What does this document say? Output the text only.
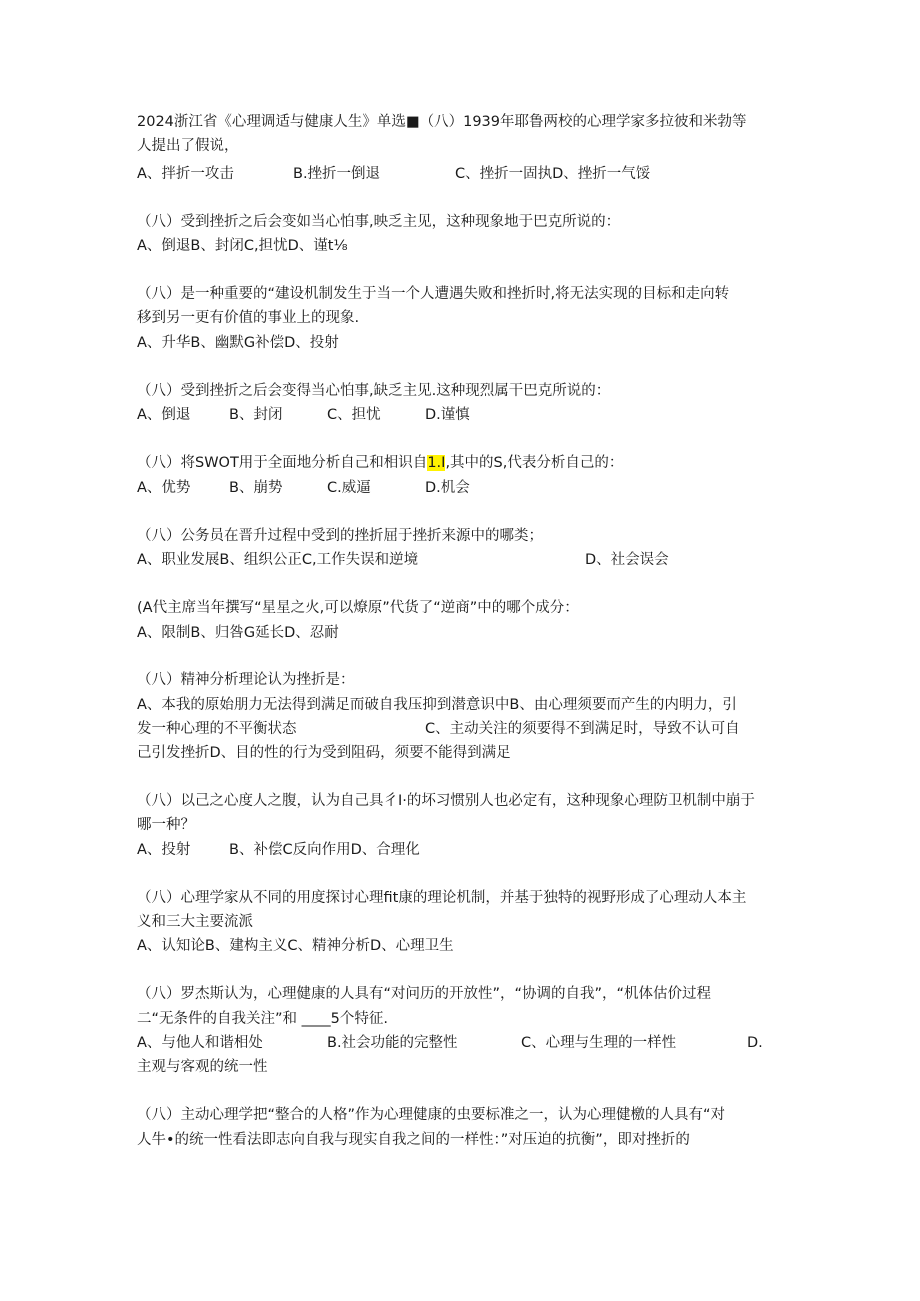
2024浙江省《心理调适与健康人生》单选■（八）1939年耶鲁两校的心理学家多拉彼和米勃等
人提出了假说，
A、拌折一攻击	B.挫折一倒退	C、挫折一固执D、挫折一气馁
（八）受到挫折之后会变如当心怕事,映乏主见，这种现象地于巴克所说的：
A、倒退B、封闭C,担忧D、谨t⅛
（八）是一种重要的“建设机制发生于当一个人遭遇失败和挫折时,将无法实现的目标和走向转
移到另一更有价值的事业上的现象.
A、升华B、幽默G补偿D、投射
（八）受到挫折之后会变得当心怕事,缺乏主见.这种现烈属干巴克所说的：
A、倒退	B、封闭	C、担忧	D.谨慎
（八）将SWOT用于全面地分析自己和相识自1.I,其中的S,代表分析自己的：
A、优势	B、崩势	C.威逼	D.机会
（八）公务员在晋升过程中受到的挫折屈于挫折来源中的哪类；
A、职业发展B、组织公正C,工作失误和逆境	D、社会误会
(A代主席当年撰写“星星之火,可以燎原”代货了“逆商”中的哪个成分：
A、限制B、归咎G延长D、忍耐
（八）精神分析理论认为挫折是：
A、本我的原始朋力无法得到满足而破自我压抑到潜意识中B、由心理须要而产生的内明力，引
发一种心理的不平衡状态	C、主动关注的须要得不到满足时，导致不认可自
己引发挫折D、目的性的行为受到阻码，须要不能得到满足
（八）以己之心度人之腹，认为自己具彳I·的坏习惯别人也必定有，这种现象心理防卫机制中崩于
哪一种？
A、投射	B、补偿C反向作用D、合理化
（八）心理学家从不同的用度探讨心理fit康的理论机制，并基于独特的视野形成了心理动人本主
义和三大主要流派
A、认知论B、建构主义C、精神分析D、心理卫生
（八）罗杰斯认为，心理健康的人具有“对问历的开放性”，“协调的自我”，“机体估价过程
二“无条件的自我关注”和 ____5个特征.
A、与他人和谐相处	B.社会功能的完整性	C、心理与生理的一样性	D.
主观与客观的统一性
（八）主动心理学把“整合的人格”作为心理健康的虫要标准之一，认为心理健檄的人具有“对
人牛•的统一性看法即志向自我与现实自我之间的一样性：”对压迫的抗衡”，即对挫折的
